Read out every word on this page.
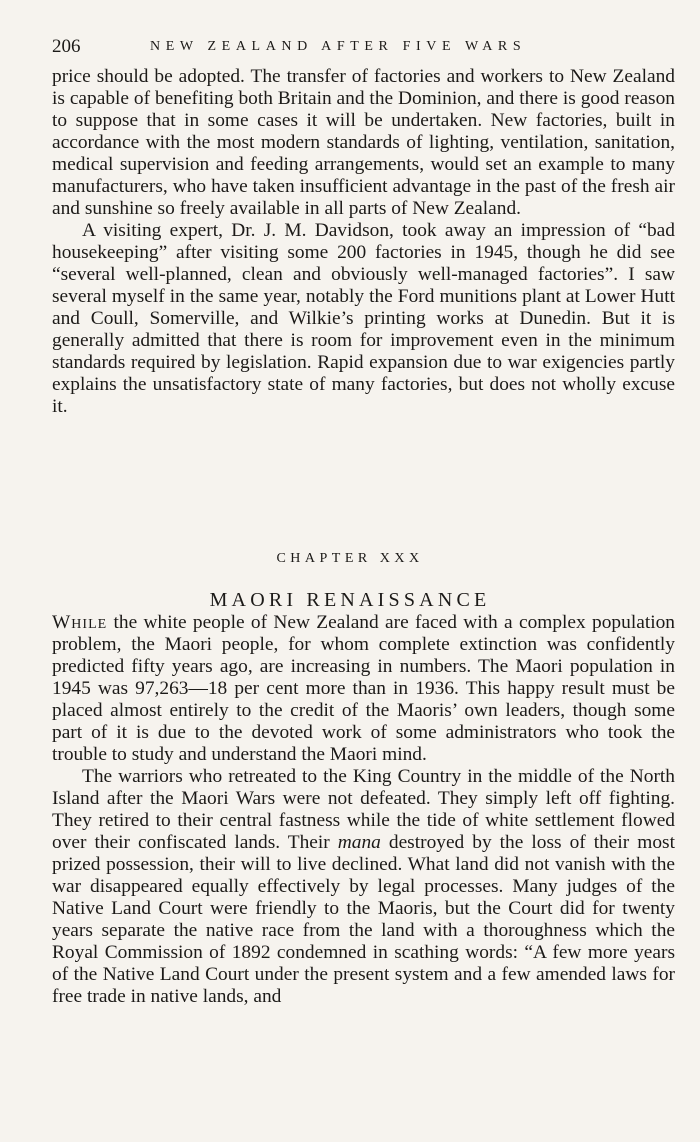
206	NEW ZEALAND AFTER FIVE WARS

price should be adopted. The transfer of factories and workers to New Zealand is capable of benefiting both Britain and the Dominion, and there is good reason to suppose that in some cases it will be undertaken. New factories, built in accordance with the most modern standards of lighting, ventilation, sanitation, medical supervision and feeding arrangements, would set an example to many manufacturers, who have taken insufficient advantage in the past of the fresh air and sunshine so freely available in all parts of New Zealand.

A visiting expert, Dr. J. M. Davidson, took away an impression of “bad housekeeping” after visiting some 200 factories in 1945, though he did see “several well-planned, clean and obviously well-managed factories”. I saw several myself in the same year, notably the Ford munitions plant at Lower Hutt and Coull, Somerville, and Wilkie’s printing works at Dunedin. But it is generally admitted that there is room for improvement even in the minimum standards required by legislation. Rapid expansion due to war exigencies partly explains the unsatisfactory state of many factories, but does not wholly excuse it.

CHAPTER XXX
MAORI RENAISSANCE

While the white people of New Zealand are faced with a complex population problem, the Maori people, for whom complete extinction was confidently predicted fifty years ago, are increasing in numbers. The Maori population in 1945 was 97,263—18 per cent more than in 1936. This happy result must be placed almost entirely to the credit of the Maoris’ own leaders, though some part of it is due to the devoted work of some administrators who took the trouble to study and understand the Maori mind.

The warriors who retreated to the King Country in the middle of the North Island after the Maori Wars were not defeated. They simply left off fighting. They retired to their central fastness while the tide of white settlement flowed over their confiscated lands. Their mana destroyed by the loss of their most prized possession, their will to live declined. What land did not vanish with the war disappeared equally effectively by legal processes. Many judges of the Native Land Court were friendly to the Maoris, but the Court did for twenty years separate the native race from the land with a thoroughness which the Royal Commission of 1892 condemned in scathing words: “A few more years of the Native Land Court under the present system and a few amended laws for free trade in native lands, and
